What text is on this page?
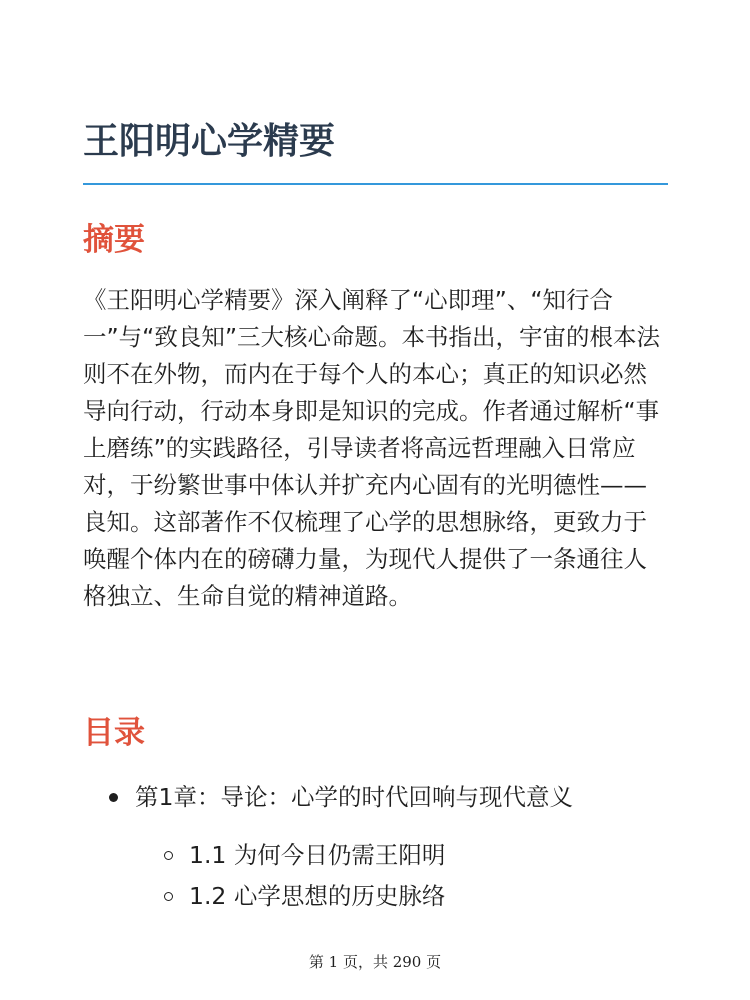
王阳明心学精要
摘要

《王阳明心学精要》深入阐释了“心即理”、“知行合一”与“致良知”三大核心命题。本书指出，宇宙的根本法则不在外物，而内在于每个人的本心；真正的知识必然导向行动，行动本身即是知识的完成。作者通过解析“事上磨练”的实践路径，引导读者将高远哲理融入日常应对，于纷繁世事中体认并扩充内心固有的光明德性——良知。这部著作不仅梳理了心学的思想脉络，更致力于唤醒个体内在的磅礴力量，为现代人提供了一条通往人格独立、生命自觉的精神道路。

目录
第1章：导论：心学的时代回响与现代意义
1.1 为何今日仍需王阳明
1.2 心学思想的历史脉络
第 1 页，共 290 页
